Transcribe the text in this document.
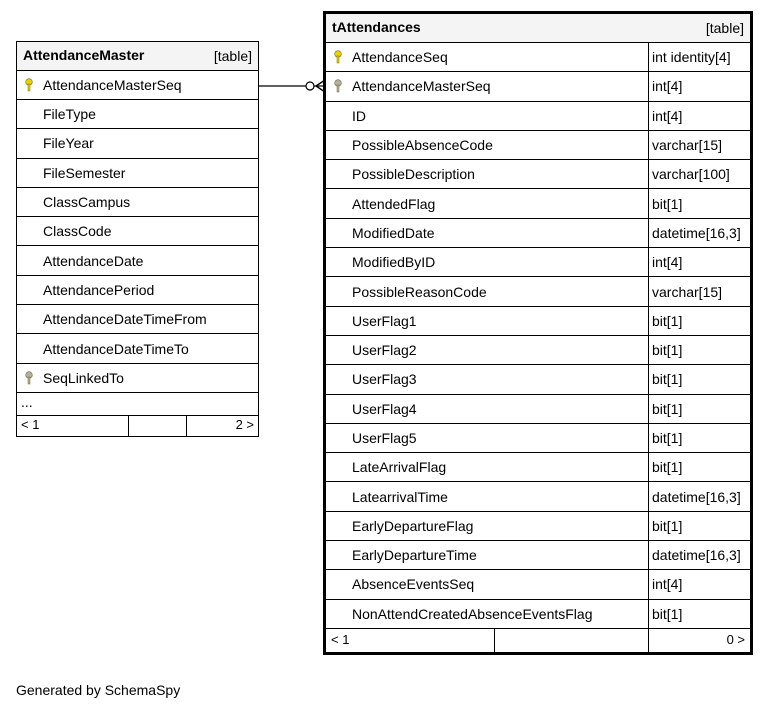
AttendanceMaster	[table]
AttendanceMasterSeq
FileType
FileYear
FileSemester
ClassCampus
ClassCode
AttendanceDate
AttendancePeriod
AttendanceDateTimeFrom
AttendanceDateTimeTo
SeqLinkedTo
...
< 1	2 >
tAttendances	[table]
AttendanceSeq	int identity[4]
AttendanceMasterSeq	int[4]
ID	int[4]
PossibleAbsenceCode	varchar[15]
PossibleDescription	varchar[100]
AttendedFlag	bit[1]
ModifiedDate	datetime[16,3]
ModifiedByID	int[4]
PossibleReasonCode	varchar[15]
UserFlag1	bit[1]
UserFlag2	bit[1]
UserFlag3	bit[1]
UserFlag4	bit[1]
UserFlag5	bit[1]
LateArrivalFlag	bit[1]
LatearrivalTime	datetime[16,3]
EarlyDepartureFlag	bit[1]
EarlyDepartureTime	datetime[16,3]
AbsenceEventsSeq	int[4]
NonAttendCreatedAbsenceEventsFlag	bit[1]
< 1	0 >
Generated by SchemaSpy
